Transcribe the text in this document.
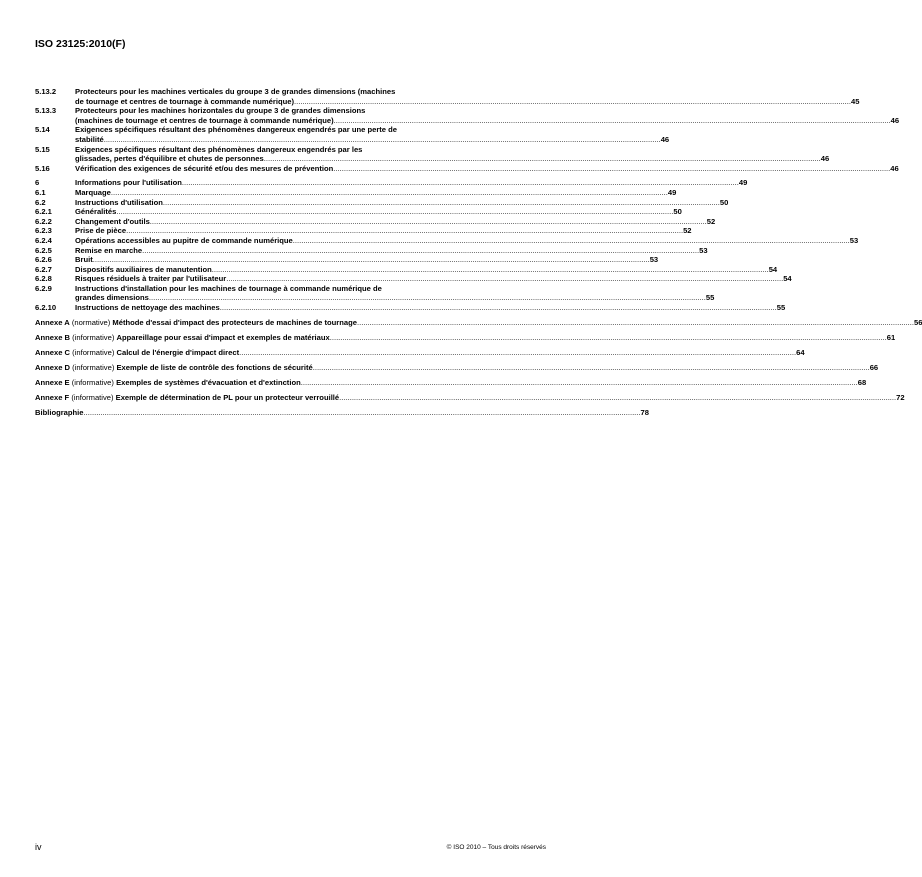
ISO 23125:2010(F)
5.13.2	Protecteurs pour les machines verticales du groupe 3 de grandes dimensions (machines
de tournage et centres de tournage à commande numérique) .....	45
5.13.3	Protecteurs pour les machines horizontales du groupe 3 de grandes dimensions
(machines de tournage et centres de tournage à commande numérique) .....	46
5.14	Exigences spécifiques résultant des phénomènes dangereux engendrés par une perte de
stabilité .....	46
5.15	Exigences spécifiques résultant des phénomènes dangereux engendrés par les
glissades, pertes d'équilibre et chutes de personnes .....	46
5.16	Vérification des exigences de sécurité et/ou des mesures de prévention .....	46
6	Informations pour l'utilisation .....	49
6.1	Marquage .....	49
6.2	Instructions d'utilisation .....	50
6.2.1	Généralités .....	50
6.2.2	Changement d'outils .....	52
6.2.3	Prise de pièce .....	52
6.2.4	Opérations accessibles au pupitre de commande numérique .....	53
6.2.5	Remise en marche .....	53
6.2.6	Bruit .....	53
6.2.7	Dispositifs auxiliaires de manutention .....	54
6.2.8	Risques résiduels à traiter par l'utilisateur .....	54
6.2.9	Instructions d'installation pour les machines de tournage à commande numérique de
grandes dimensions .....	55
6.2.10	Instructions de nettoyage des machines .....	55
Annexe A (normative) Méthode d'essai d'impact des protecteurs de machines de tournage .....	56
Annexe B (informative) Appareillage pour essai d'impact et exemples de matériaux .....	61
Annexe C (informative) Calcul de l'énergie d'impact direct .....	64
Annexe D (informative) Exemple de liste de contrôle des fonctions de sécurité .....	66
Annexe E (informative) Exemples de systèmes d'évacuation et d'extinction .....	68
Annexe F (informative) Exemple de détermination de PL pour un protecteur verrouillé .....	72
Bibliographie .....	78
iv	© ISO 2010 – Tous droits réservés
